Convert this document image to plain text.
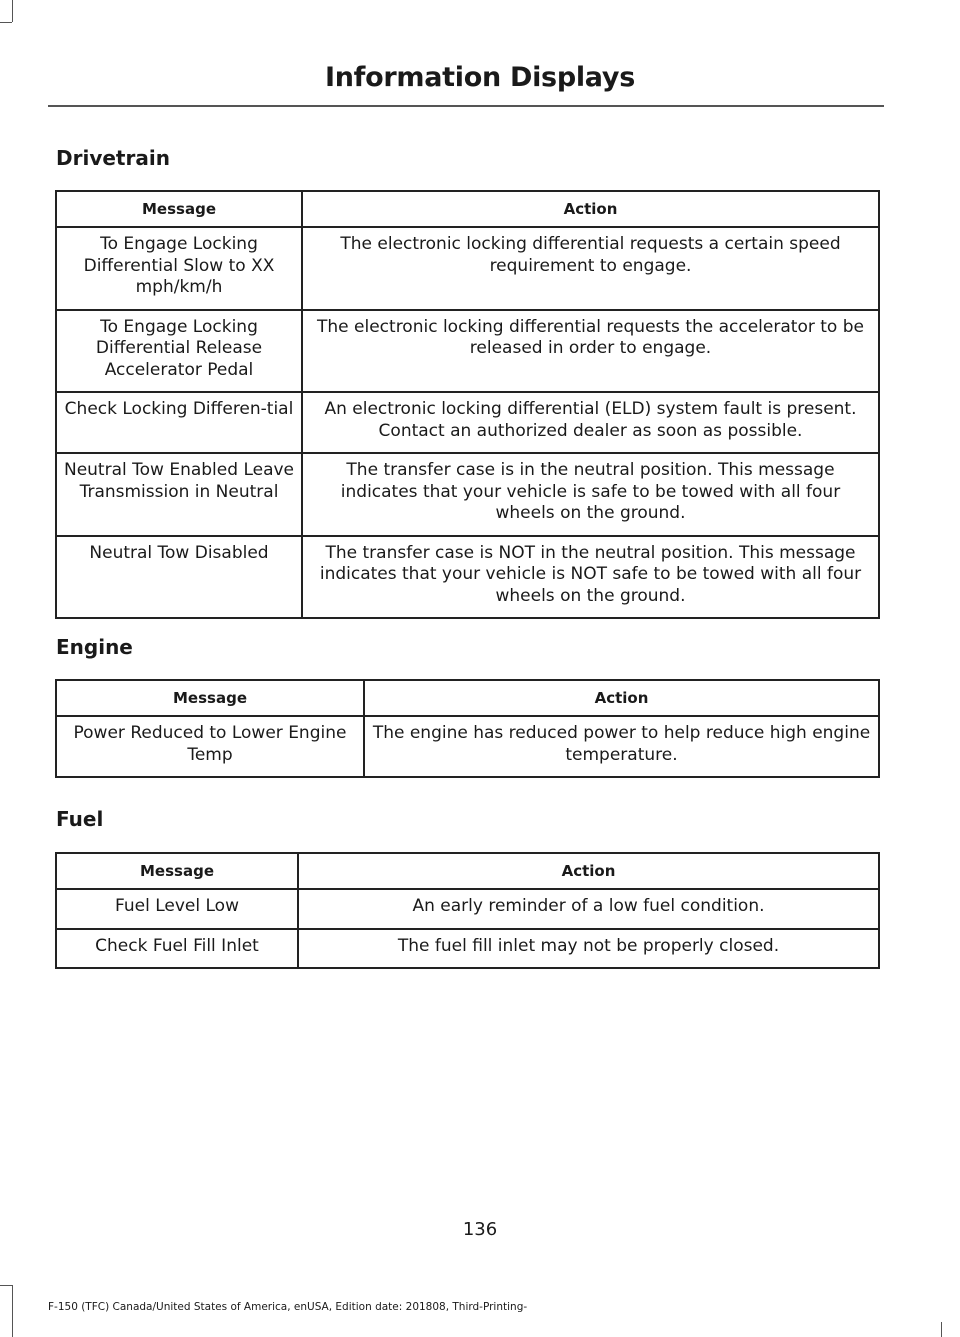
Information Displays
Drivetrain
Message	Action
To Engage Locking Differential Slow to XX mph/km/h	The electronic locking differential requests a certain speed requirement to engage.
To Engage Locking Differential Release Accelerator Pedal	The electronic locking differential requests the accelerator to be released in order to engage.
Check Locking Differen-tial	An electronic locking differential (ELD) system fault is present. Contact an authorized dealer as soon as possible.
Neutral Tow Enabled Leave Transmission in Neutral	The transfer case is in the neutral position. This message indicates that your vehicle is safe to be towed with all four wheels on the ground.
Neutral Tow Disabled	The transfer case is NOT in the neutral position. This message indicates that your vehicle is NOT safe to be towed with all four wheels on the ground.
Engine
Message	Action
Power Reduced to Lower Engine Temp	The engine has reduced power to help reduce high engine temperature.
Fuel
Message	Action
Fuel Level Low	An early reminder of a low fuel condition.
Check Fuel Fill Inlet	The fuel fill inlet may not be properly closed.
136
F-150 (TFC) Canada/United States of America, enUSA, Edition date: 201808, Third-Printing-
